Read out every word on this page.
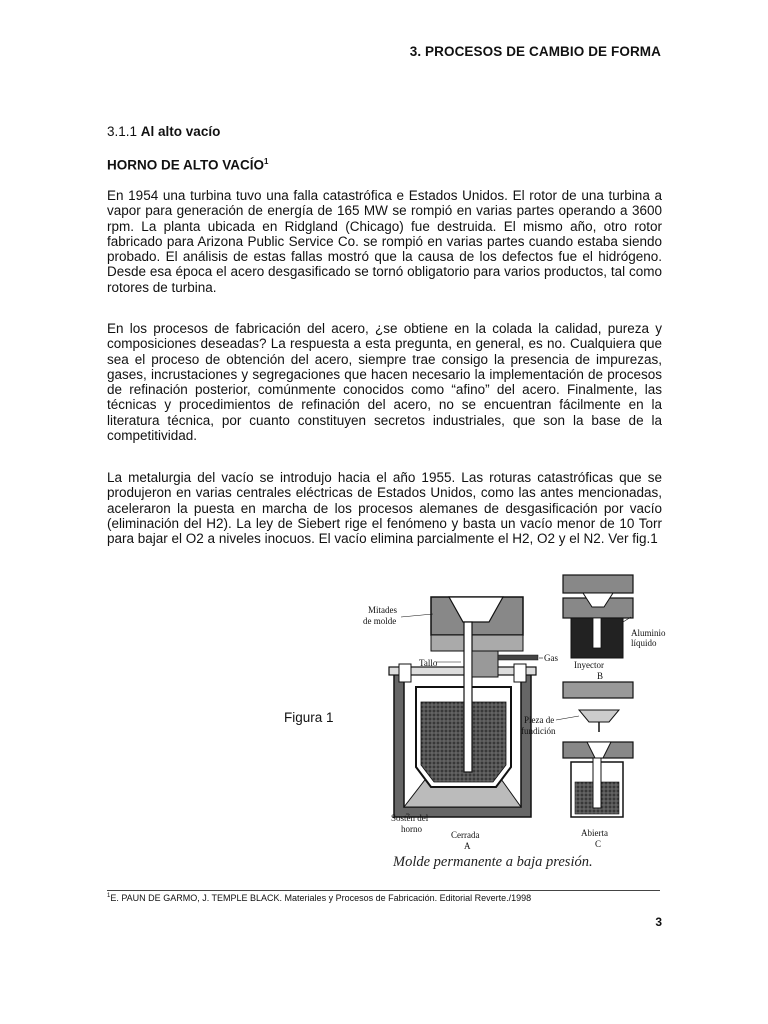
3. PROCESOS DE CAMBIO DE FORMA
3.1.1 Al alto vacío
HORNO DE ALTO VACÍO$^1$

En 1954 una turbina tuvo una falla catastrófica e Estados Unidos. El rotor de una turbina a vapor para generación de energía de 165 MW se rompió en varias partes operando a 3600 rpm. La planta ubicada en Ridgland (Chicago) fue destruida. El mismo año, otro rotor fabricado para Arizona Public Service Co. se rompió en varias partes cuando estaba siendo probado. El análisis de estas fallas mostró que la causa de los defectos fue el hidrógeno. Desde esa época el acero desgasificado se tornó obligatorio para varios productos, tal como rotores de turbina.

En los procesos de fabricación del acero, ¿se obtiene en la colada la calidad, pureza y composiciones deseadas? La respuesta a esta pregunta, en general, es no. Cualquiera que sea el proceso de obtención del acero, siempre trae consigo la presencia de impurezas, gases, incrustaciones y segregaciones que hacen necesario la implementación de procesos de refinación posterior, comúnmente conocidos como “afino” del acero. Finalmente, las técnicas y procedimientos de refinación del acero, no se encuentran fácilmente en la literatura técnica, por cuanto constituyen secretos industriales, que son la base de la competitividad.

La metalurgia del vacío se introdujo hacia el año 1955. Las roturas catastróficas que se produjeron en varias centrales eléctricas de Estados Unidos, como las antes mencionadas, aceleraron la puesta en marcha de los procesos alemanes de desgasificación por vacío (eliminación del H2). La ley de Siebert rige el fenómeno y basta un vacío menor de 10 Torr para bajar el O2 a niveles inocuos. El vacío elimina parcialmente el H2, O2 y el N2. Ver fig.1

Figura 1
Mitades
de molde
Gas
Tallo
Aluminio
líquido
Inyector
B
Pieza de
fundición
Sostén del
horno
Cerrada
A
Abierta
C
Molde permanente a baja presión.
$^1$E. PAUN DE GARMO, J. TEMPLE BLACK. Materiales y Procesos de Fabricación. Editorial Reverte./1998
3
